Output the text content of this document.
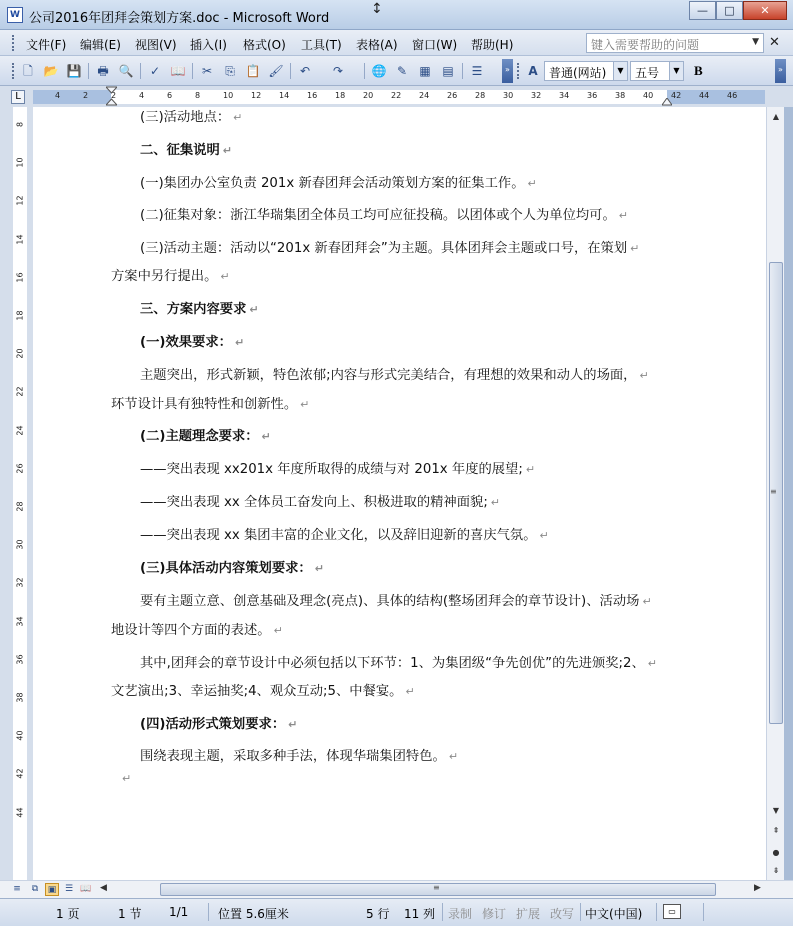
W 公司2016年团拜会策划方案.doc - Microsoft Word
↕	—	□	✕
文件(F) 编辑(E) 视图(V) 插入(I) 格式(O) 工具(T) 表格(A) 窗口(W) 帮助(H)	键入需要帮助的问题	▼ ✕
🗋 📂 💾 🖶 🔍 ✓ 📖 ✂ ⎘ 📋 🖌 ↶ ↷ 🌐 ✎ ▦ ▤ ☰	» A 普通(网站)	▼ 五号	▼ B	»
L	4	2	2	4	6	8	10 12 14 16 18 20 22 24 26 28 30 32 34 36 38 40 42 44 46
8
10
12
14
16
18
20
22
24
26
28
30
32
34
36
38
40
42
44
(三)活动地点： ↵
二、征集说明 ↵
(一)集团办公室负责 201x 新春团拜会活动策划方案的征集工作。 ↵
(二)征集对象：浙江华瑞集团全体员工均可应征投稿。以团体或个人为单位均可。 ↵
(三)活动主题：活动以“201x 新春团拜会”为主题。具体团拜会主题或口号，在策划 ↵
方案中另行提出。 ↵
三、方案内容要求 ↵
(一)效果要求： ↵
主题突出，形式新颖，特色浓郁;内容与形式完美结合，有理想的效果和动人的场面， ↵
环节设计具有独特性和创新性。 ↵
(二)主题理念要求： ↵
——突出表现 xx201x 年度所取得的成绩与对 201x 年度的展望; ↵
——突出表现 xx 全体员工奋发向上、积极进取的精神面貌; ↵
——突出表现 xx 集团丰富的企业文化，以及辞旧迎新的喜庆气氛。 ↵
(三)具体活动内容策划要求： ↵
要有主题立意、创意基础及理念(亮点)、具体的结构(整场团拜会的章节设计)、活动场 ↵
地设计等四个方面的表述。 ↵
其中,团拜会的章节设计中必须包括以下环节：1、为集团级“争先创优”的先进颁奖;2、 ↵
文艺演出;3、幸运抽奖;4、观众互动;5、中餐宴。 ↵
(四)活动形式策划要求： ↵
围绕表现主题，采取多种手法，体现华瑞集团特色。 ↵
↵
▲
≡
▼
⇞
●
⇟
≡	⧉	▣ ☰ 📖 ◀	≡	▶
1 页	1 节 1/1 位置 5.6厘米	5 行 11 列 录制 修订 扩展 改写 中文(中国)	▭
